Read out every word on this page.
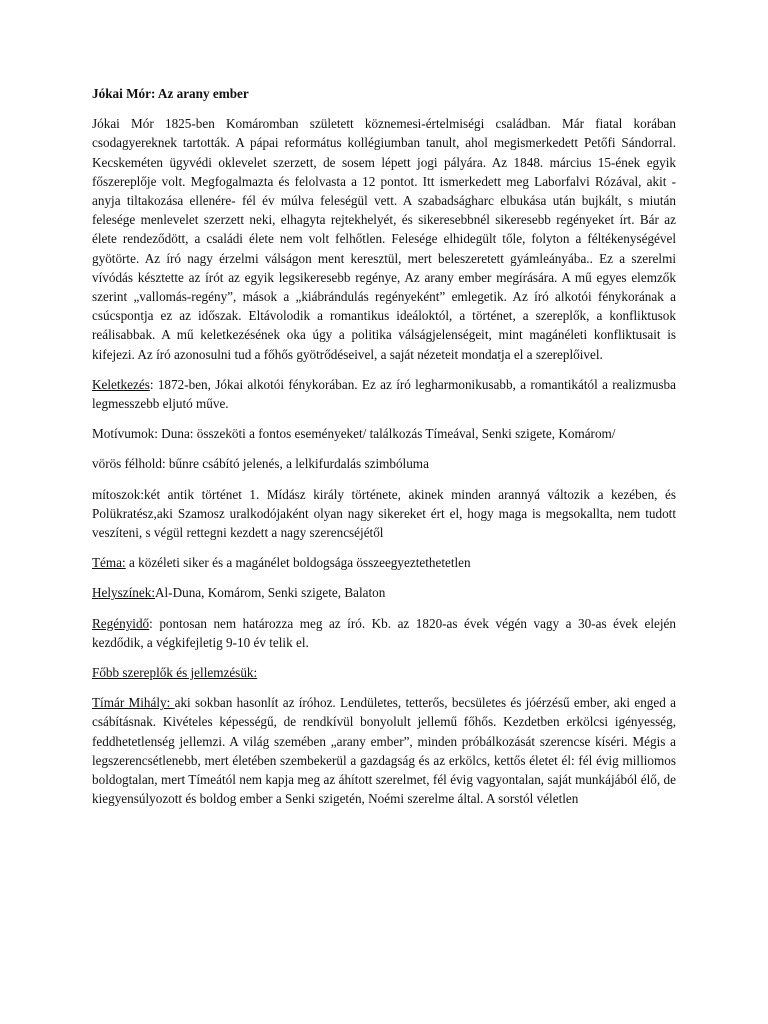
Jókai Mór: Az arany ember

Jókai Mór 1825-ben Komáromban született köznemesi-értelmiségi családban. Már fiatal korában csodagyereknek tartották. A pápai református kollégiumban tanult, ahol megismerkedett Petőfi Sándorral. Kecskeméten ügyvédi oklevelet szerzett, de sosem lépett jogi pályára. Az 1848. március 15-ének egyik főszereplője volt. Megfogalmazta és felolvasta a 12 pontot. Itt ismerkedett meg Laborfalvi Rózával, akit - anyja tiltakozása ellenére- fél év múlva feleségül vett. A szabadságharc elbukása után bujkált, s miután felesége menlevelet szerzett neki, elhagyta rejtekhelyét, és sikeresebbnél sikeresebb regényeket írt. Bár az élete rendeződött, a családi élete nem volt felhőtlen. Felesége elhidegült tőle, folyton a féltékenységével gyötörte. Az író nagy érzelmi válságon ment keresztül, mert beleszeretett gyámleányába.. Ez a szerelmi vívódás késztette az írót az egyik legsikeresebb regénye, Az arany ember megírására. A mű egyes elemzők szerint „vallomás-regény”, mások a „kiábrándulás regényeként” emlegetik. Az író alkotói fénykorának a csúcspontja ez az időszak. Eltávolodik a romantikus ideáloktól, a történet, a szereplők, a konfliktusok reálisabbak. A mű keletkezésének oka úgy a politika válságjelenségeit, mint magánéleti konfliktusait is kifejezi. Az író azonosulni tud a főhős gyötrődéseivel, a saját nézeteit mondatja el a szereplőivel.

Keletkezés: 1872-ben, Jókai alkotói fénykorában. Ez az író legharmonikusabb, a romantikától a realizmusba legmesszebb eljutó műve.

Motívumok: Duna: összeköti a fontos eseményeket/ találkozás Tímeával, Senki szigete, Komárom/

vörös félhold: bűnre csábító jelenés, a lelkifurdalás szimbóluma

mítoszok:két antik történet 1. Mídász király története, akinek minden arannyá változik a kezében, és Polükratész,aki Szamosz uralkodójaként olyan nagy sikereket ért el, hogy maga is megsokallta, nem tudott veszíteni, s végül rettegni kezdett a nagy szerencséjétől

Téma: a közéleti siker és a magánélet boldogsága összeegyeztethetetlen

Helyszínek:Al-Duna, Komárom, Senki szigete, Balaton

Regényidő: pontosan nem határozza meg az író. Kb. az 1820-as évek végén vagy a 30-as évek elején kezdődik, a végkifejletig 9-10 év telik el.

Főbb szereplők és jellemzésük:

Tímár Mihály: aki sokban hasonlít az íróhoz. Lendületes, tetterős, becsületes és jóérzésű ember, aki enged a csábításnak. Kivételes képességű, de rendkívül bonyolult jellemű főhős. Kezdetben erkölcsi igényesség, feddhetetlenség jellemzi. A világ szemében „arany ember”, minden próbálkozását szerencse kíséri. Mégis a legszerencsétlenebb, mert életében szembekerül a gazdagság és az erkölcs, kettős életet él: fél évig milliomos boldogtalan, mert Tímeától nem kapja meg az áhított szerelmet, fél évig vagyontalan, saját munkájából élő, de kiegyensúlyozott és boldog ember a Senki szigetén, Noémi szerelme által. A sorstól véletlen
